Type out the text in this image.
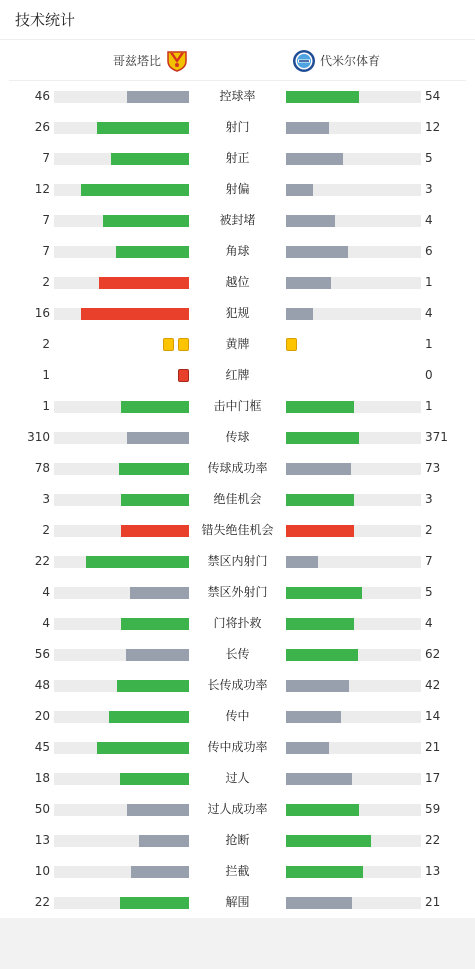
技术统计
哥兹塔比	代米尔体育
46	控球率	54
26	射门	12
7	射正	5
12	射偏	3
7	被封堵	4
7	角球	6
2	越位	1
16	犯规	4
2	黄牌	1
1	红牌	0
1	击中门框	1
310	传球	371
78	传球成功率	73
3	绝佳机会	3
2	错失绝佳机会	2
22	禁区内射门	7
4	禁区外射门	5
4	门将扑救	4
56	长传	62
48	长传成功率	42
20	传中	14
45	传中成功率	21
18	过人	17
50	过人成功率	59
13	抢断	22
10	拦截	13
22	解围	21
